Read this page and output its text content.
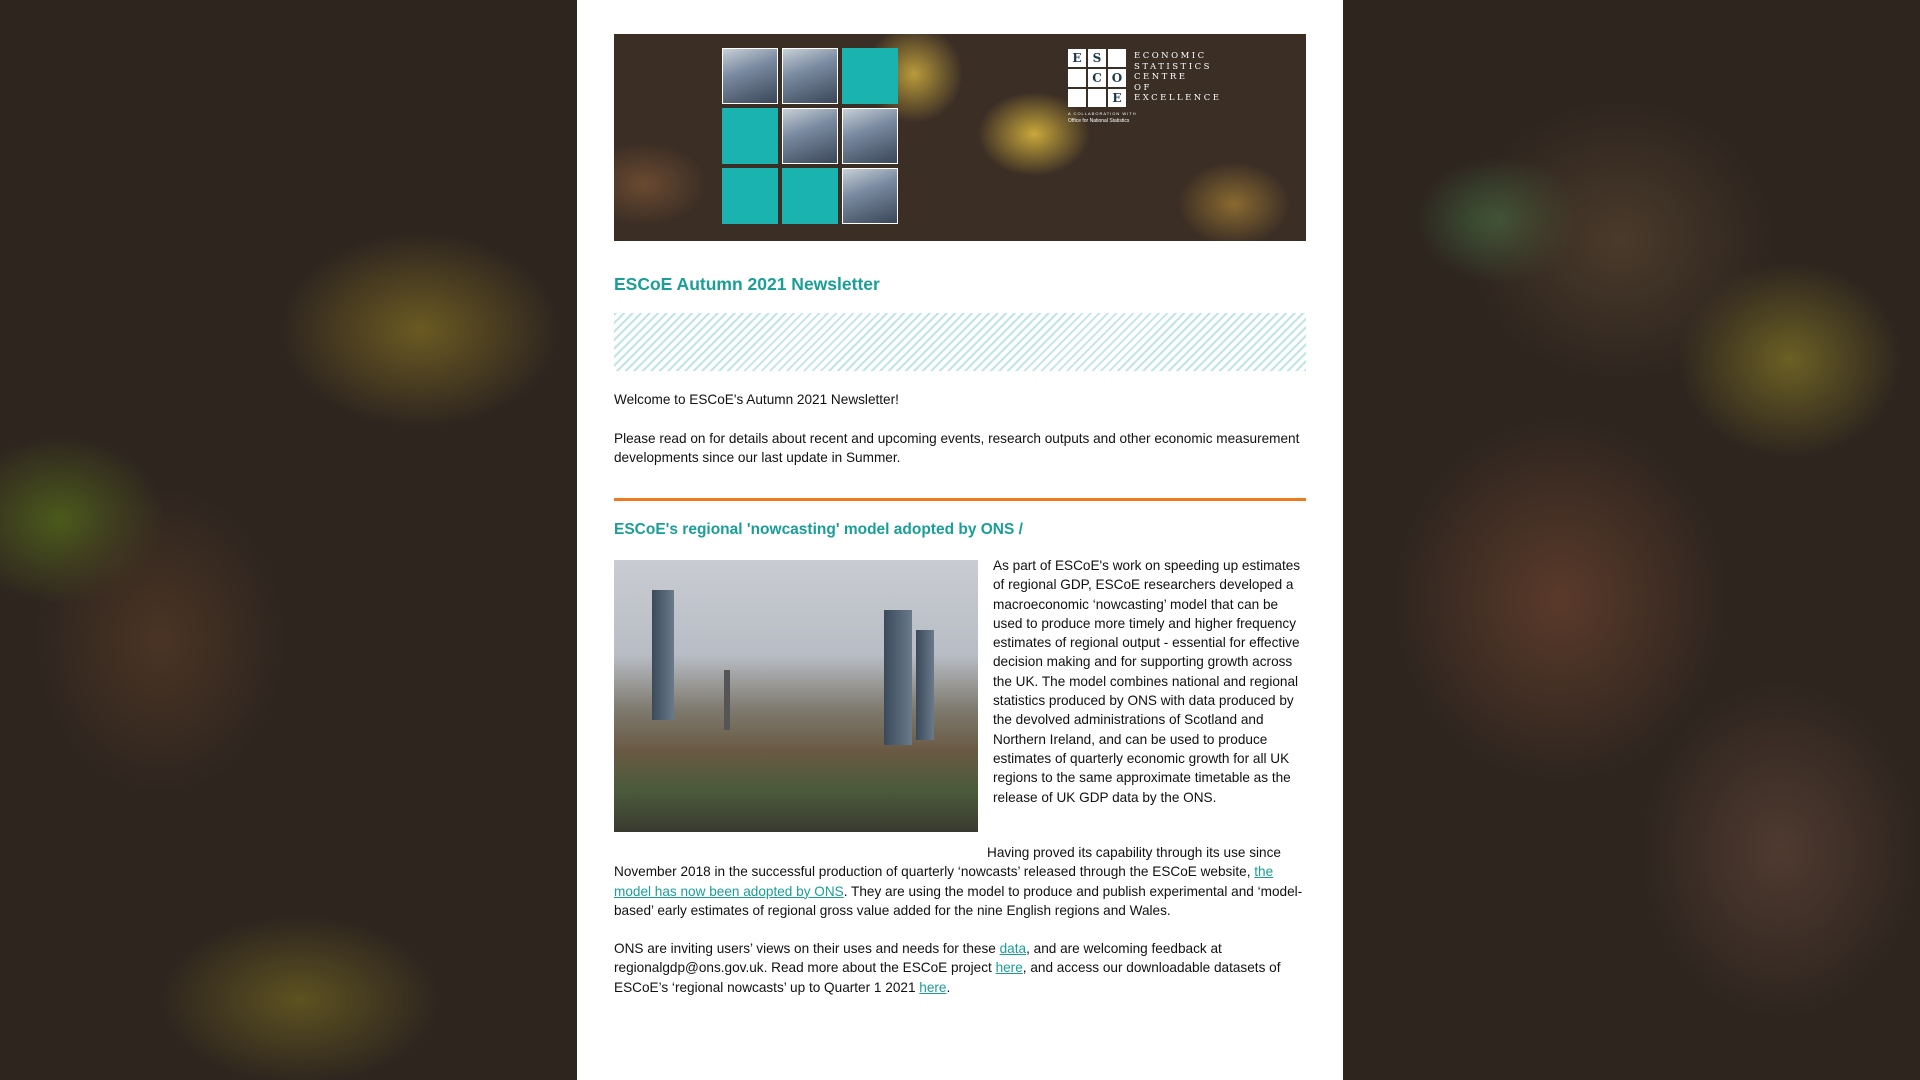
E S
C O
E
ECONOMIC
STATISTICS
CENTRE
OF
EXCELLENCE
A COLLABORATION WITH
Office for National Statistics
ESCoE Autumn 2021 Newsletter

Welcome to ESCoE's Autumn 2021 Newsletter!

Please read on for details about recent and upcoming events, research outputs and other economic measurement developments since our last update in Summer.

ESCoE's regional 'nowcasting' model adopted by ONS /

As part of ESCoE's work on speeding up estimates of regional GDP, ESCoE researchers developed a macroeconomic ‘nowcasting’ model that can be used to produce more timely and higher frequency estimates of regional output - essential for effective decision making and for supporting growth across the UK. The model combines national and regional statistics produced by ONS with data produced by the devolved administrations of Scotland and Northern Ireland, and can be used to produce estimates of quarterly economic growth for all UK regions to the same approximate timetable as the release of UK GDP data by the ONS.

Having proved its capability through its use since November 2018 in the successful production of quarterly ‘nowcasts’ released through the ESCoE website, the model has now been adopted by ONS. They are using the model to produce and publish experimental and ‘model-based’ early estimates of regional gross value added for the nine English regions and Wales.

ONS are inviting users’ views on their uses and needs for these data, and are welcoming feedback at regionalgdp@ons.gov.uk. Read more about the ESCoE project here, and access our downloadable datasets of ESCoE’s ‘regional nowcasts’ up to Quarter 1 2021 here.
